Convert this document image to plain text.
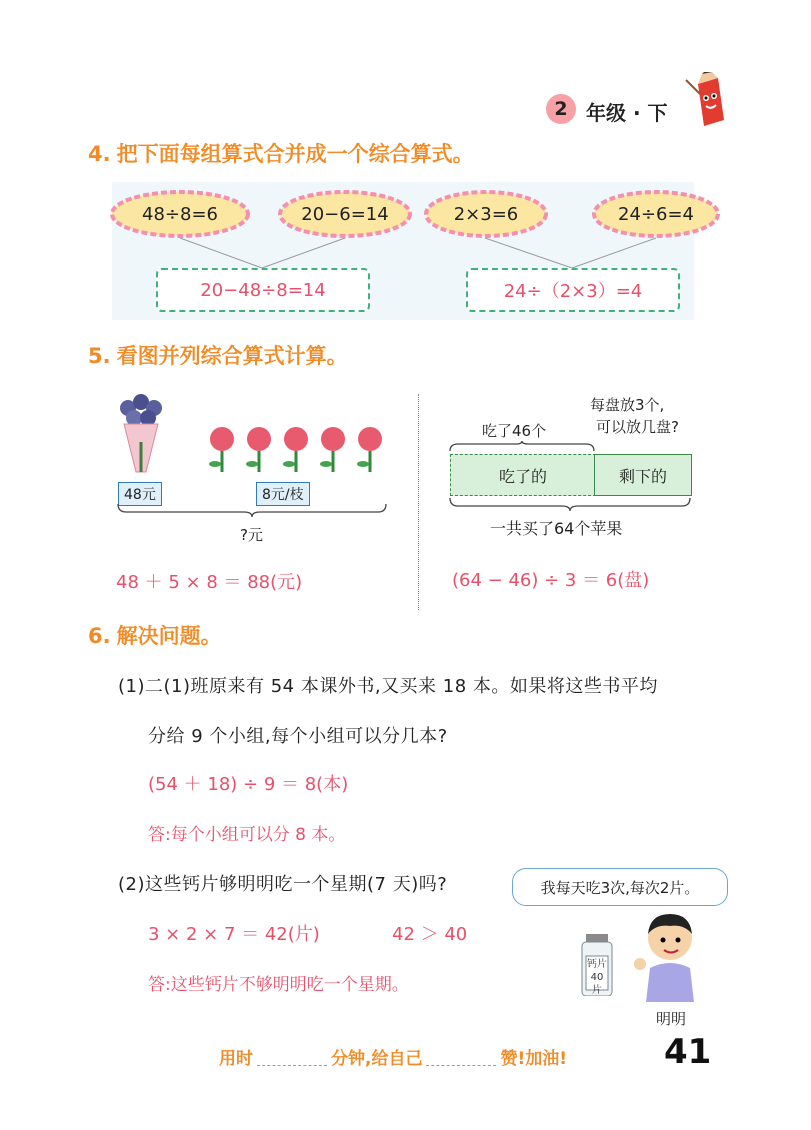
2 年级 · 下
4. 把下面每组算式合并成一个综合算式。
48÷8=6	20−6=14	2×3=6	24÷6=4
20−48÷8=14	24÷（2×3）=4
5. 看图并列综合算式计算。
48元	8元/枝
?元
48 ＋ 5 × 8 ＝ 88(元)
吃了46个
每盘放3个,
可以放几盘?
吃了的	剩下的
一共买了64个苹果
(64 − 46) ÷ 3 ＝ 6(盘)
6. 解决问题。
(1)二(1)班原来有 54 本课外书,又买来 18 本。如果将这些书平均
分给 9 个小组,每个小组可以分几本?
(54 ＋ 18) ÷ 9 ＝ 8(本)
答:每个小组可以分 8 本。
(2)这些钙片够明明吃一个星期(7 天)吗?
3 × 2 × 7 ＝ 42(片)	42 ＞ 40
答:这些钙片不够明明吃一个星期。
我每天吃3次,每次2片。
钙片
40片
明明
用时	分钟,给自己	赞!加油!	41
